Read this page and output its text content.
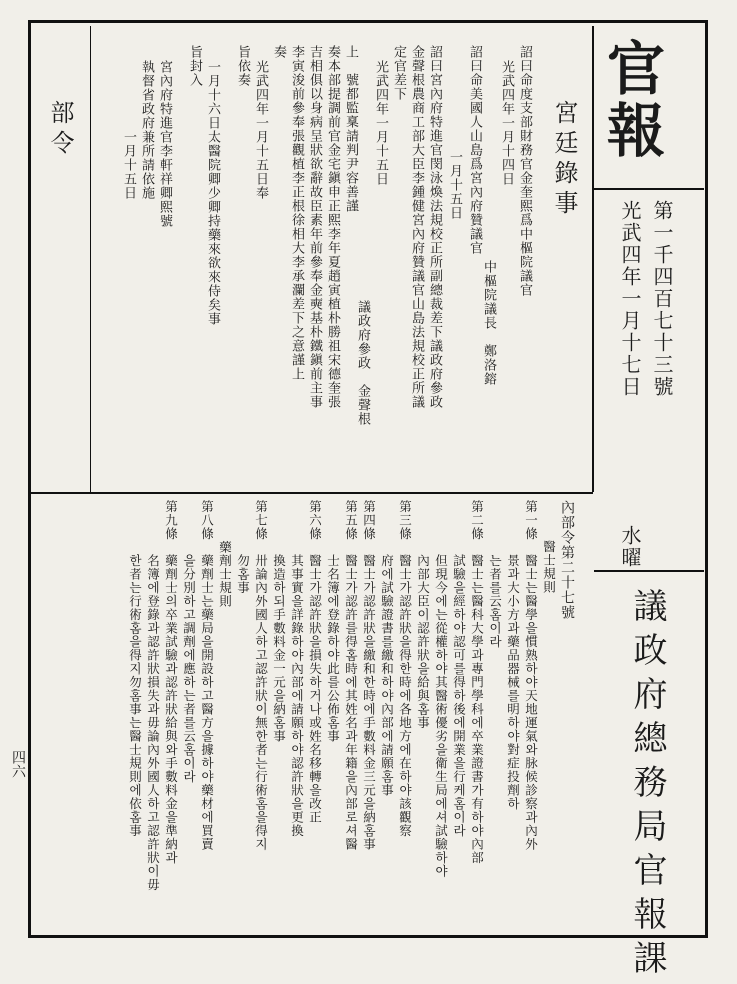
官報
第一千四百七十三號
光武四年一月十七日
水曜
議政府總務局官報課
宮廷錄事
詔曰命度支部財務官金奎熙爲中樞院議官
光武四年一月十四日
詔曰命美國人山島爲宮內府贊議官
一月十五日
詔曰宮內府特進官閔泳煥法規校正所副總裁差下議政府參政
金聲根農商工部大臣李鍾健宮內府贊議官山島法規校正所議
定官差下
光武四年一月十五日
上　號都監稟請判尹容善謹
奏本部提調前官金宅鎭申正熙李年夏趙寅植朴勝祖宋德奎張
吉相俱以身病呈狀欲辭故臣素年前參奉金奭基朴鐵鎭前主事
李寅浚前參奉張觀植李正根徐相大李承瀾差下之意謹上
奏
光武四年一月十五日奉
旨依奏
一月十六日太醫院卿少卿持藥來欲來侍矣事
旨封入
宮內府特進官李軒祥卿熙號
執督省政府兼所請依施
一月十五日
中樞院議長　鄭洛鎔
議政府參政　金聲根
部令
內部令第二十七號
醫士規則
第一條　醫士는醫學을慣熟하야天地運氣와脉候診察과內外
　　　　景과大小方과藥品器械를明하야對症投劑하
　　　　는者를云홈이라
第二條　醫士는醫科大學과專門學科에卒業證書가有하야內部
　　　　試驗을經하야認可를得하後에開業을行케홈이라
　　　　但現今에는從權하야其醫術優劣을衛生局에셔試驗하야
　　　　內部大臣이認許狀을給與홈事
第三條　醫士가認許狀을得한時에各地方에在하야該觀察
　　　　府에試驗證書를繳和하야內部에請願홈事
第四條　醫士가認許狀을繳和한時에手數料金三元을納홈事
第五條　醫士가認許를得홈時에其姓名과年籍을內部로셔醫
　　　　士名簿에登錄하야此를公佈홈事
第六條　醫士가認許狀을損失하거나或姓名移轉을改正
　　　　其事實을詳錄하야內部에請願하야認許狀을更換
　　　　換造하되手數料金一元을納홈事
第七條　卅論內外國人하고認許狀이無한者는行術홈을得지
　　　　勿홈事
　　　藥劑士規則
第八條　藥劑士는藥局을開設하고醫方을據하야藥材에買賣
　　　　을分別하고調劑에應하는者를云홈이라
第九條　藥劑士의卒業試驗과認許狀給與와手數料金을準納과
　　　　名簿에登錄과認許狀損失과毋論內外國人하고認許狀이毋
　　　　한者는行術홈을得지勿홈事는醫士規則에依홈事
四六
